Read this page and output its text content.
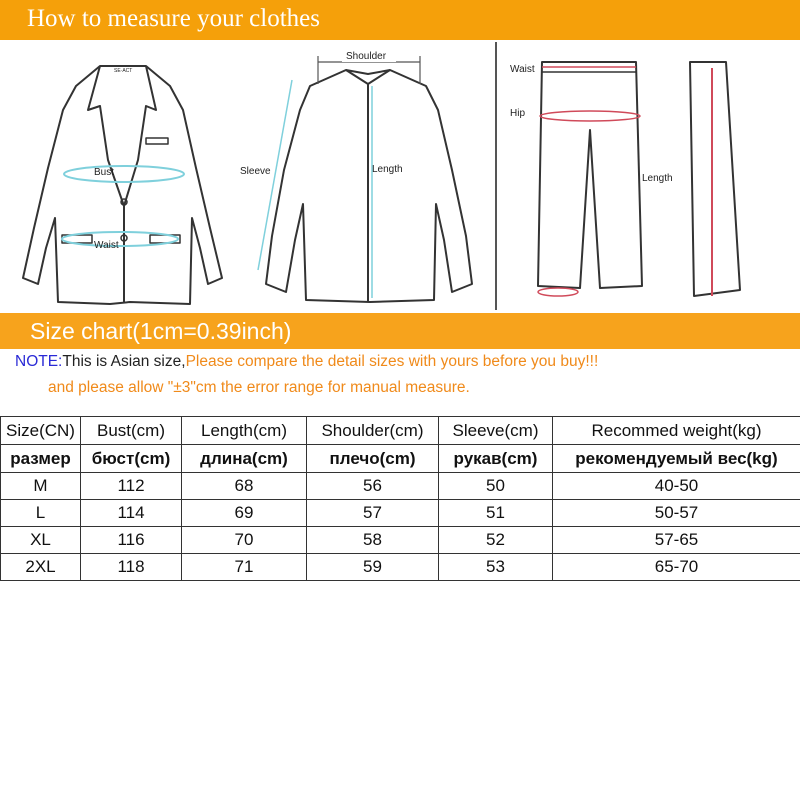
How to measure your clothes
SE·ACT
Bust
Waist
Shoulder
Sleeve	Length
Waist
Hip
Length
Size chart(1cm=0.39inch)
NOTE:This is Asian size,Please compare the detail sizes with yours before you buy!!!
and please allow "±3"cm the error range for manual measure.
Size(CN)	Bust(cm)	Length(cm)	Shoulder(cm)	Sleeve(cm)	Recommed weight(kg)
размер	бюст(cm)	длина(cm)	плечо(cm)	рукав(cm)	рекомендуемый вес(kg)
M	112	68	56	50	40-50
L	114	69	57	51	50-57
XL	116	70	58	52	57-65
2XL	118	71	59	53	65-70
